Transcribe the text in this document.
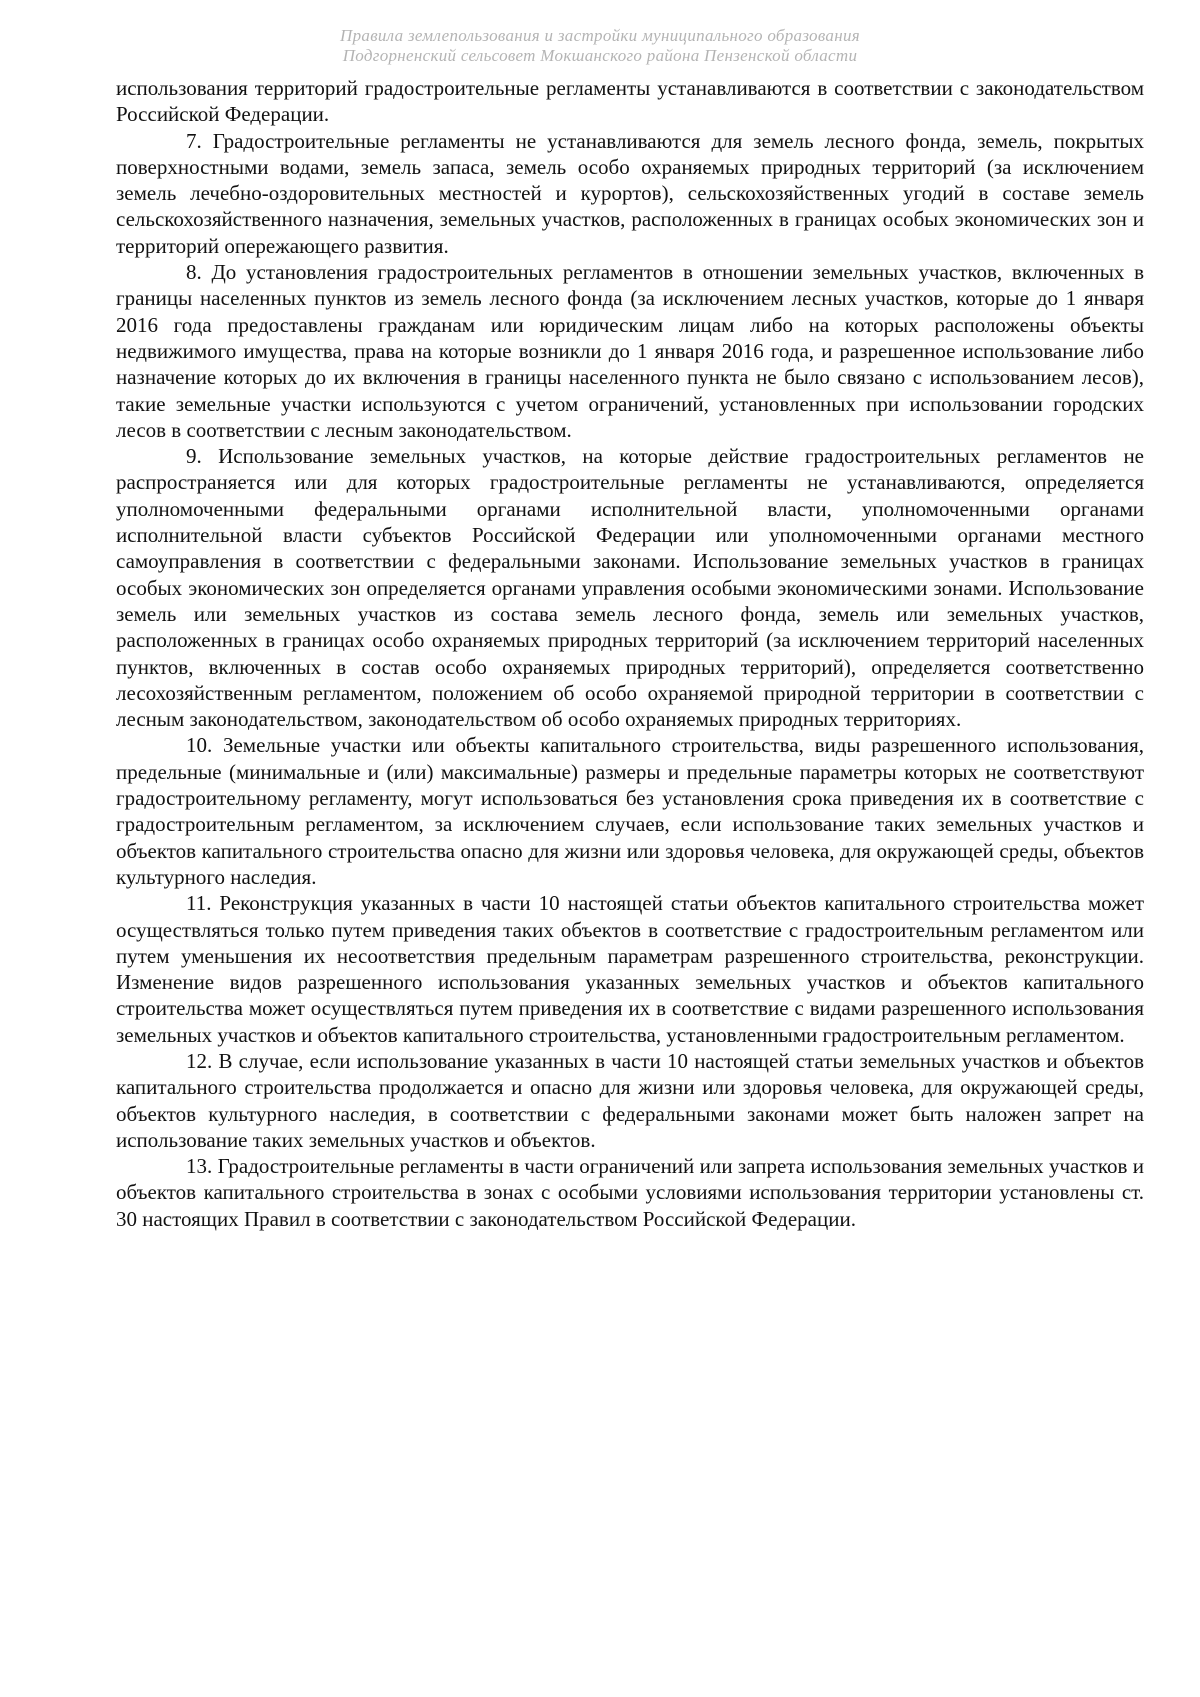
Правила землепользования и застройки муниципального образования
Подгорненский сельсовет Мокшанского района Пензенской области

использования территорий градостроительные регламенты устанавливаются в соответствии с законодательством Российской Федерации.

7. Градостроительные регламенты не устанавливаются для земель лесного фонда, земель, покрытых поверхностными водами, земель запаса, земель особо охраняемых природных территорий (за исключением земель лечебно-оздоровительных местностей и курортов), сельскохозяйственных угодий в составе земель сельскохозяйственного назначения, земельных участков, расположенных в границах особых экономических зон и территорий опережающего развития.

8. До установления градостроительных регламентов в отношении земельных участков, включенных в границы населенных пунктов из земель лесного фонда (за исключением лесных участков, которые до 1 января 2016 года предоставлены гражданам или юридическим лицам либо на которых расположены объекты недвижимого имущества, права на которые возникли до 1 января 2016 года, и разрешенное использование либо назначение которых до их включения в границы населенного пункта не было связано с использованием лесов), такие земельные участки используются с учетом ограничений, установленных при использовании городских лесов в соответствии с лесным законодательством.

9. Использование земельных участков, на которые действие градостроительных регламентов не распространяется или для которых градостроительные регламенты не устанавливаются, определяется уполномоченными федеральными органами исполнительной власти, уполномоченными органами исполнительной власти субъектов Российской Федерации или уполномоченными органами местного самоуправления в соответствии с федеральными законами. Использование земельных участков в границах особых экономических зон определяется органами управления особыми экономическими зонами. Использование земель или земельных участков из состава земель лесного фонда, земель или земельных участков, расположенных в границах особо охраняемых природных территорий (за исключением территорий населенных пунктов, включенных в состав особо охраняемых природных территорий), определяется соответственно лесохозяйственным регламентом, положением об особо охраняемой природной территории в соответствии с лесным законодательством, законодательством об особо охраняемых природных территориях.

10. Земельные участки или объекты капитального строительства, виды разрешенного использования, предельные (минимальные и (или) максимальные) размеры и предельные параметры которых не соответствуют градостроительному регламенту, могут использоваться без установления срока приведения их в соответствие с градостроительным регламентом, за исключением случаев, если использование таких земельных участков и объектов капитального строительства опасно для жизни или здоровья человека, для окружающей среды, объектов культурного наследия.

11. Реконструкция указанных в части 10 настоящей статьи объектов капитального строительства может осуществляться только путем приведения таких объектов в соответствие с градостроительным регламентом или путем уменьшения их несоответствия предельным параметрам разрешенного строительства, реконструкции. Изменение видов разрешенного использования указанных земельных участков и объектов капитального строительства может осуществляться путем приведения их в соответствие с видами разрешенного использования земельных участков и объектов капитального строительства, установленными градостроительным регламентом.

12. В случае, если использование указанных в части 10 настоящей статьи земельных участков и объектов капитального строительства продолжается и опасно для жизни или здоровья человека, для окружающей среды, объектов культурного наследия, в соответствии с федеральными законами может быть наложен запрет на использование таких земельных участков и объектов.

13. Градостроительные регламенты в части ограничений или запрета использования земельных участков и объектов капитального строительства в зонах с особыми условиями использования территории установлены ст. 30 настоящих Правил в соответствии с законодательством Российской Федерации.
